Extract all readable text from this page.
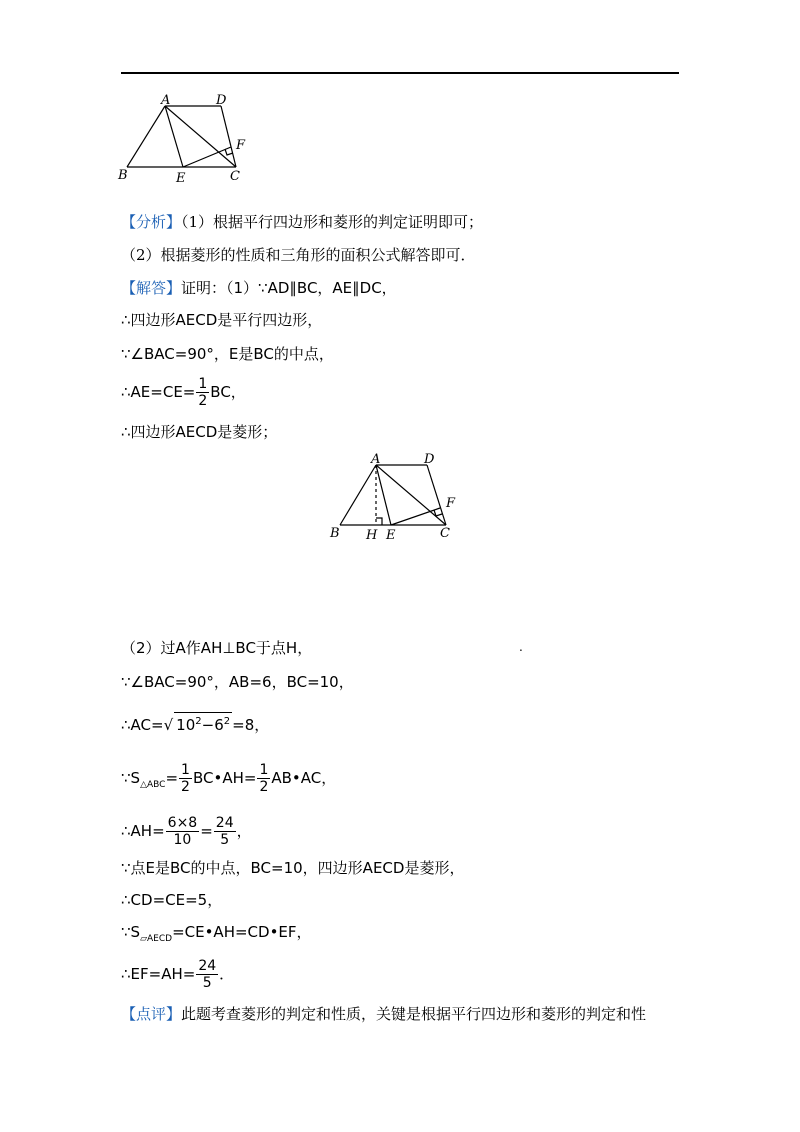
A	D
F
B	E	C
【分析】（1）根据平行四边形和菱形的判定证明即可；
（2）根据菱形的性质和三角形的面积公式解答即可．
【解答】证明：（1）∵AD∥BC，AE∥DC，
∴四边形AECD是平行四边形，
∵∠BAC=90°，E是BC的中点，
∴AE=CE= $\frac{1}{2}$ BC，
∴四边形AECD是菱形；
A	D
F
B H E	C
（2）过A作AH⊥BC于点H，	.
∵∠BAC=90°，AB=6，BC=10，
∴AC=√ $10^2-6^2 =8$，
$\because S_{\triangle ABC}= \frac{1}{2}$ BC•AH= $\frac{1}{2}$ AB•AC，
∴AH= $\frac{6\times 8}{10} = \frac{24}{5}$ ，
∵点E是BC的中点，BC=10，四边形AECD是菱形，
∴CD=CE=5，
$\because S_{▱AECD}=CE•AH=CD•EF$，
∴EF=AH= $\frac{24}{5}$ ．
【点评】此题考查菱形的判定和性质，关键是根据平行四边形和菱形的判定和性
